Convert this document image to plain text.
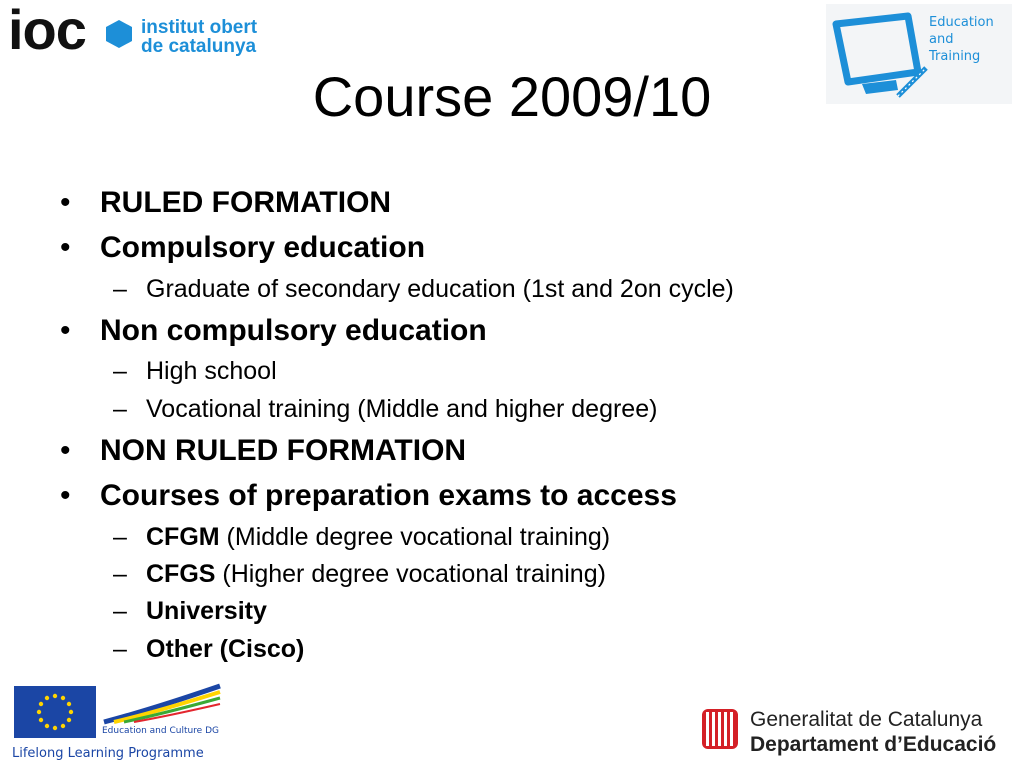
ioc	institut obert
de catalunya
Education
and
Training
Course 2009/10
• RULED FORMATION
• Compulsory education
– Graduate of secondary education (1st and 2on cycle)
• Non compulsory education
– High school
– Vocational training (Middle and higher degree)
• NON RULED FORMATION
• Courses of preparation exams to access
– CFGM (Middle degree vocational training)
– CFGS (Higher degree vocational training)
– University
– Other (Cisco)
Education and Culture DG
Lifelong Learning Programme
Generalitat de Catalunya
Departament d’Educació
